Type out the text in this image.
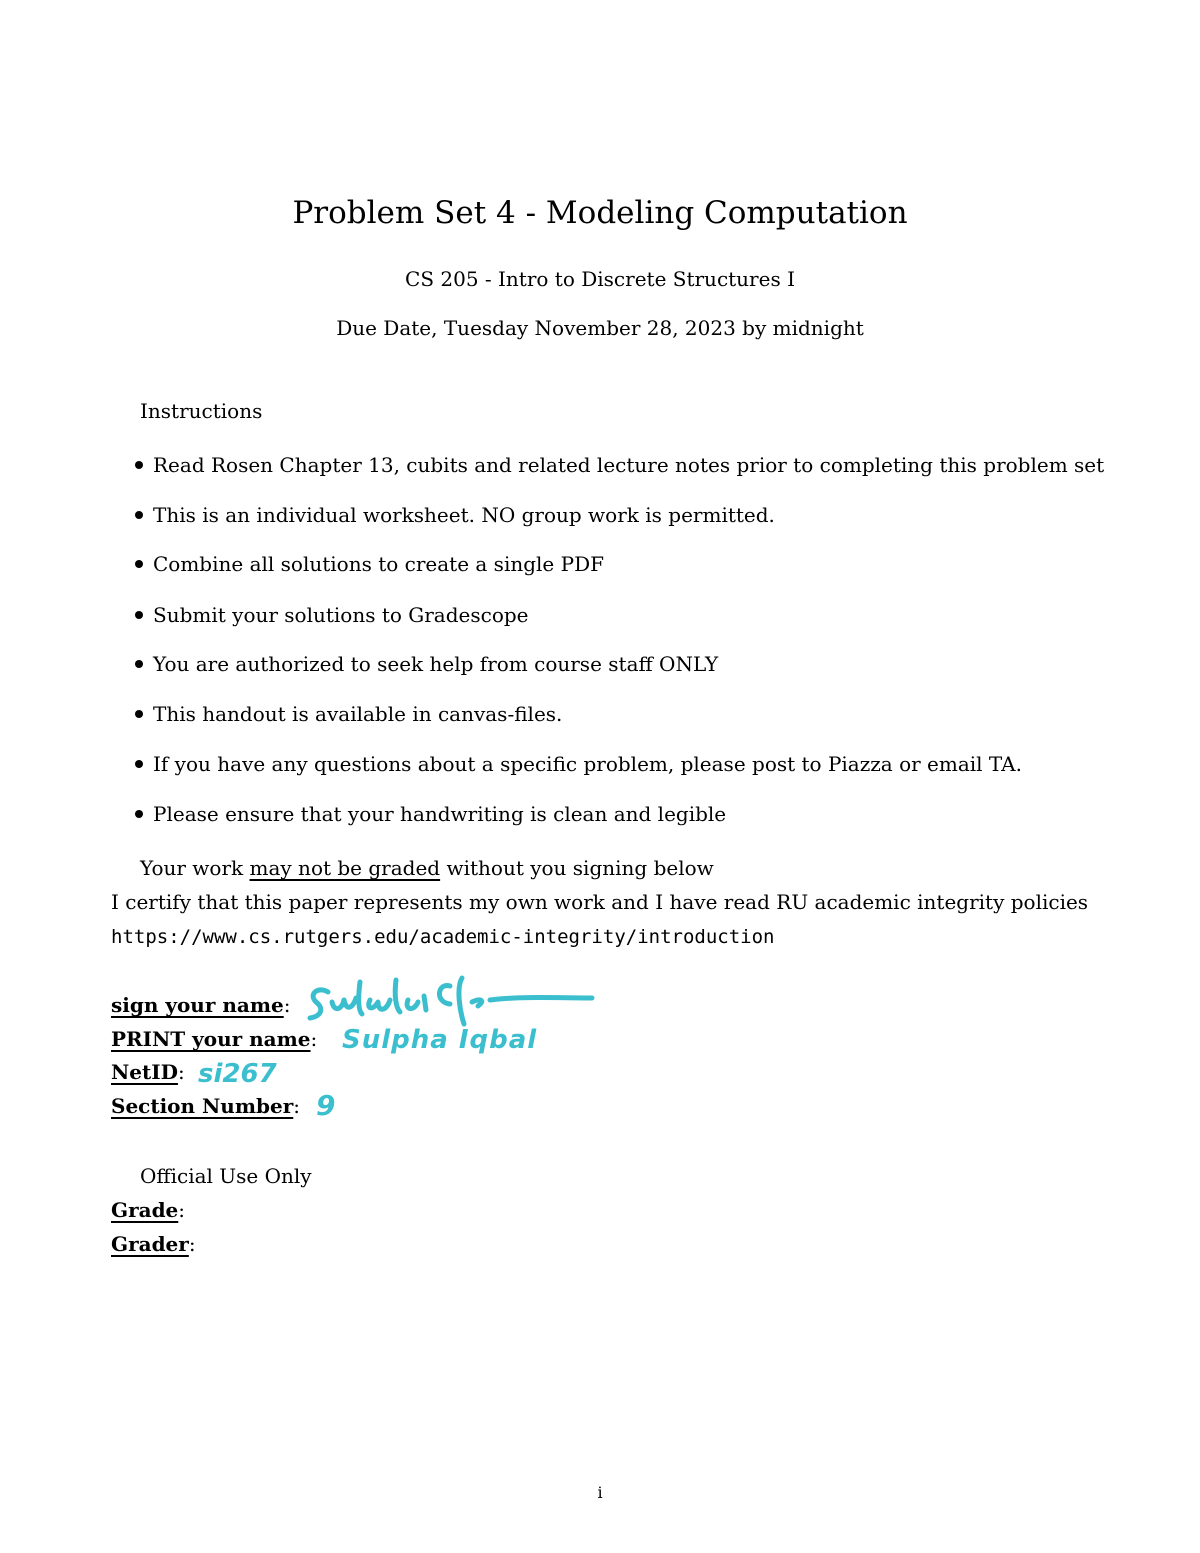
Problem Set 4 - Modeling Computation
CS 205 - Intro to Discrete Structures I
Due Date, Tuesday November 28, 2023 by midnight
Instructions
Read Rosen Chapter 13, cubits and related lecture notes prior to completing this problem set
This is an individual worksheet. NO group work is permitted.
Combine all solutions to create a single PDF
Submit your solutions to Gradescope
You are authorized to seek help from course staff ONLY
This handout is available in canvas-files.
If you have any questions about a specific problem, please post to Piazza or email TA.
Please ensure that your handwriting is clean and legible
Your work may not be graded without you signing below
I certify that this paper represents my own work and I have read RU academic integrity policies
https://www.cs.rutgers.edu/academic-integrity/introduction
sign your name:
PRINT your name:
NetID:
Section Number:
Sulpha Iqbal
si267
9
Official Use Only
Grade:
Grader:
i
